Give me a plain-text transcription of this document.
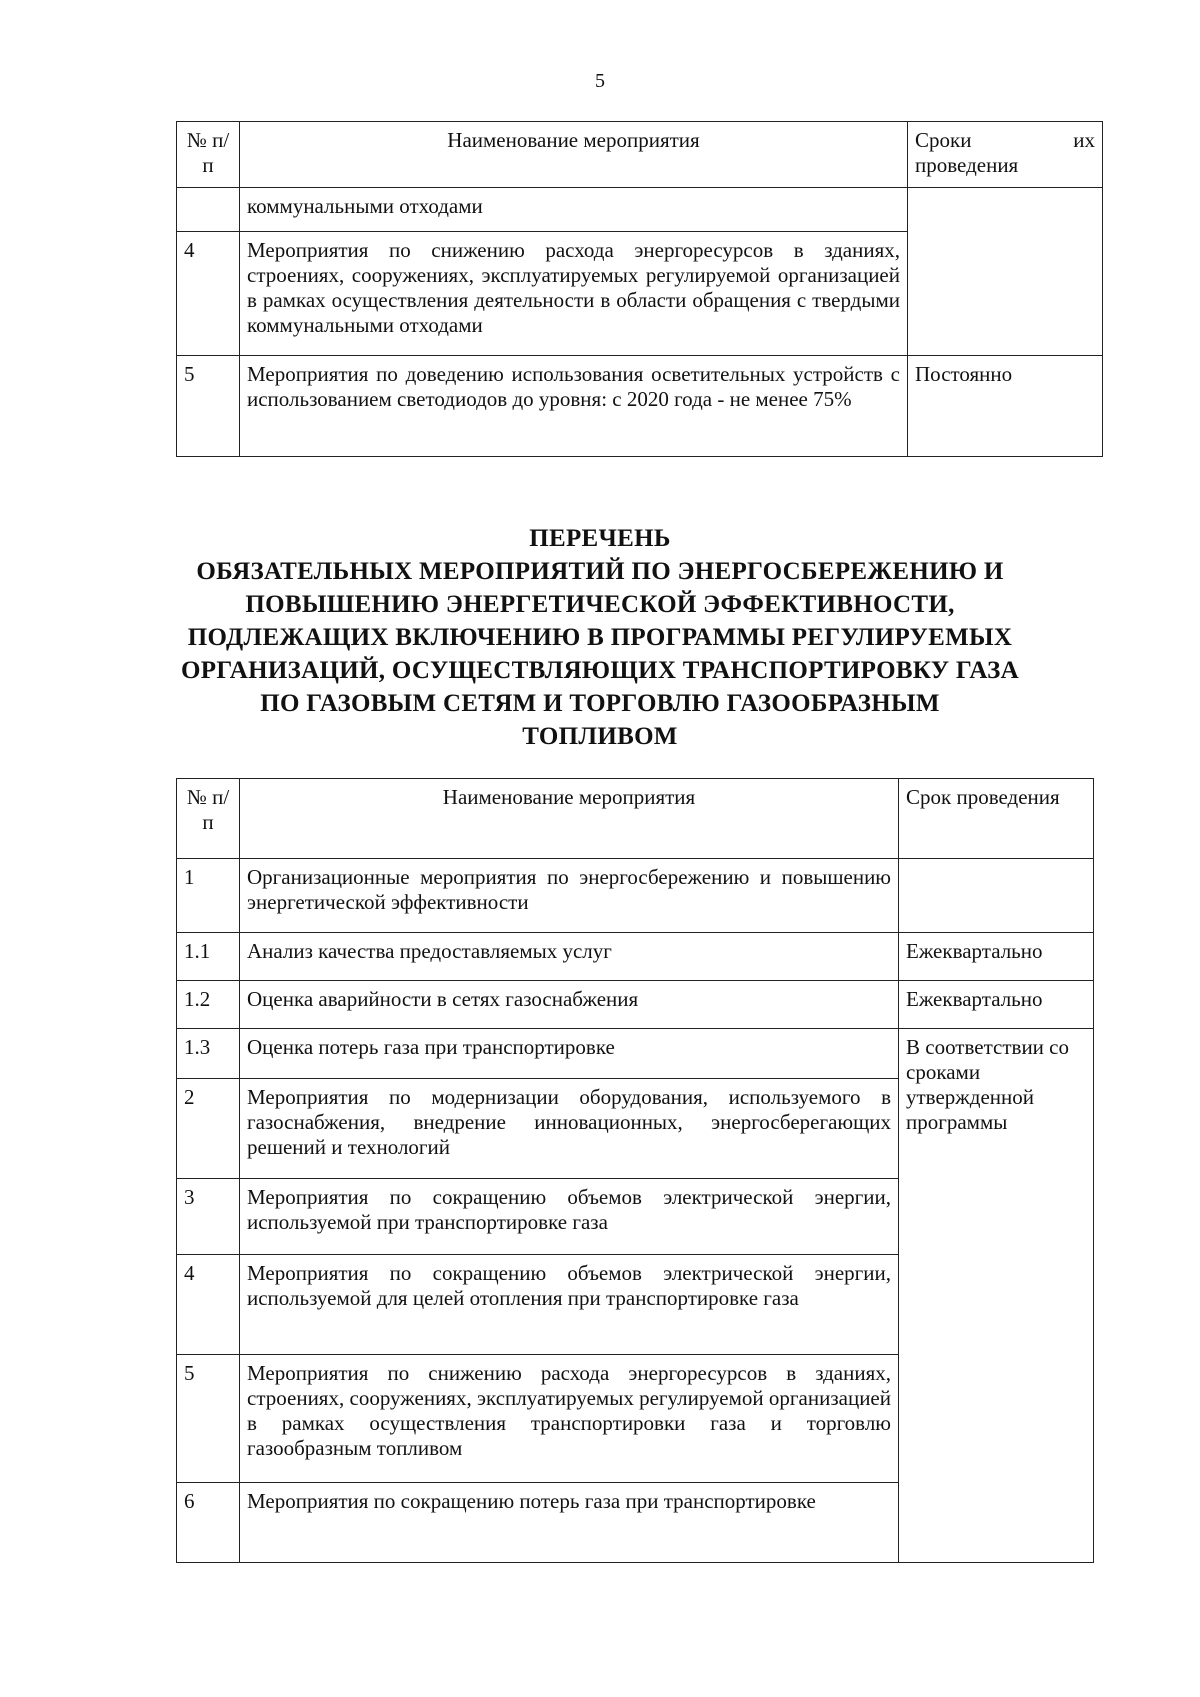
5
№ п/п	Наименование мероприятия	Сроки их
проведения

	коммунальными отходами	
4	Мероприятия по снижению расхода энергоресурсов в зданиях, строениях, сооружениях, эксплуатируемых регулируемой организацией в рамках осуществления деятельности в области обращения с твердыми коммунальными отходами	
5	Мероприятия по доведению использования осветительных устройств с использованием светодиодов до уровня: с 2020 года - не менее 75%	Постоянно
ПЕРЕЧЕНЬ
ОБЯЗАТЕЛЬНЫХ МЕРОПРИЯТИЙ ПО ЭНЕРГОСБЕРЕЖЕНИЮ И
ПОВЫШЕНИЮ ЭНЕРГЕТИЧЕСКОЙ ЭФФЕКТИВНОСТИ,
ПОДЛЕЖАЩИХ ВКЛЮЧЕНИЮ В ПРОГРАММЫ РЕГУЛИРУЕМЫХ
ОРГАНИЗАЦИЙ, ОСУЩЕСТВЛЯЮЩИХ ТРАНСПОРТИРОВКУ ГАЗА
ПО ГАЗОВЫМ СЕТЯМ И ТОРГОВЛЮ ГАЗООБРАЗНЫМ
ТОПЛИВОМ
№ п/п	Наименование мероприятия	Срок проведения
1	Организационные мероприятия по энергосбережению и повышению энергетической эффективности	
1.1	Анализ качества предоставляемых услуг	Ежеквартально
1.2	Оценка аварийности в сетях газоснабжения	Ежеквартально
1.3	Оценка потерь газа при транспортировке	В соответствии со сроками утвержденной программы
2	Мероприятия по модернизации оборудования, используемого в газоснабжения, внедрение инновационных, энергосберегающих решений и технологий	
3	Мероприятия по сокращению объемов электрической энергии, используемой при транспортировке газа	
4	Мероприятия по сокращению объемов электрической энергии, используемой для целей отопления при транспортировке газа	
5	Мероприятия по снижению расхода энергоресурсов в зданиях, строениях, сооружениях, эксплуатируемых регулируемой организацией в рамках осуществления транспортировки газа и торговлю газообразным топливом	
6	Мероприятия по сокращению потерь газа при транспортировке	
